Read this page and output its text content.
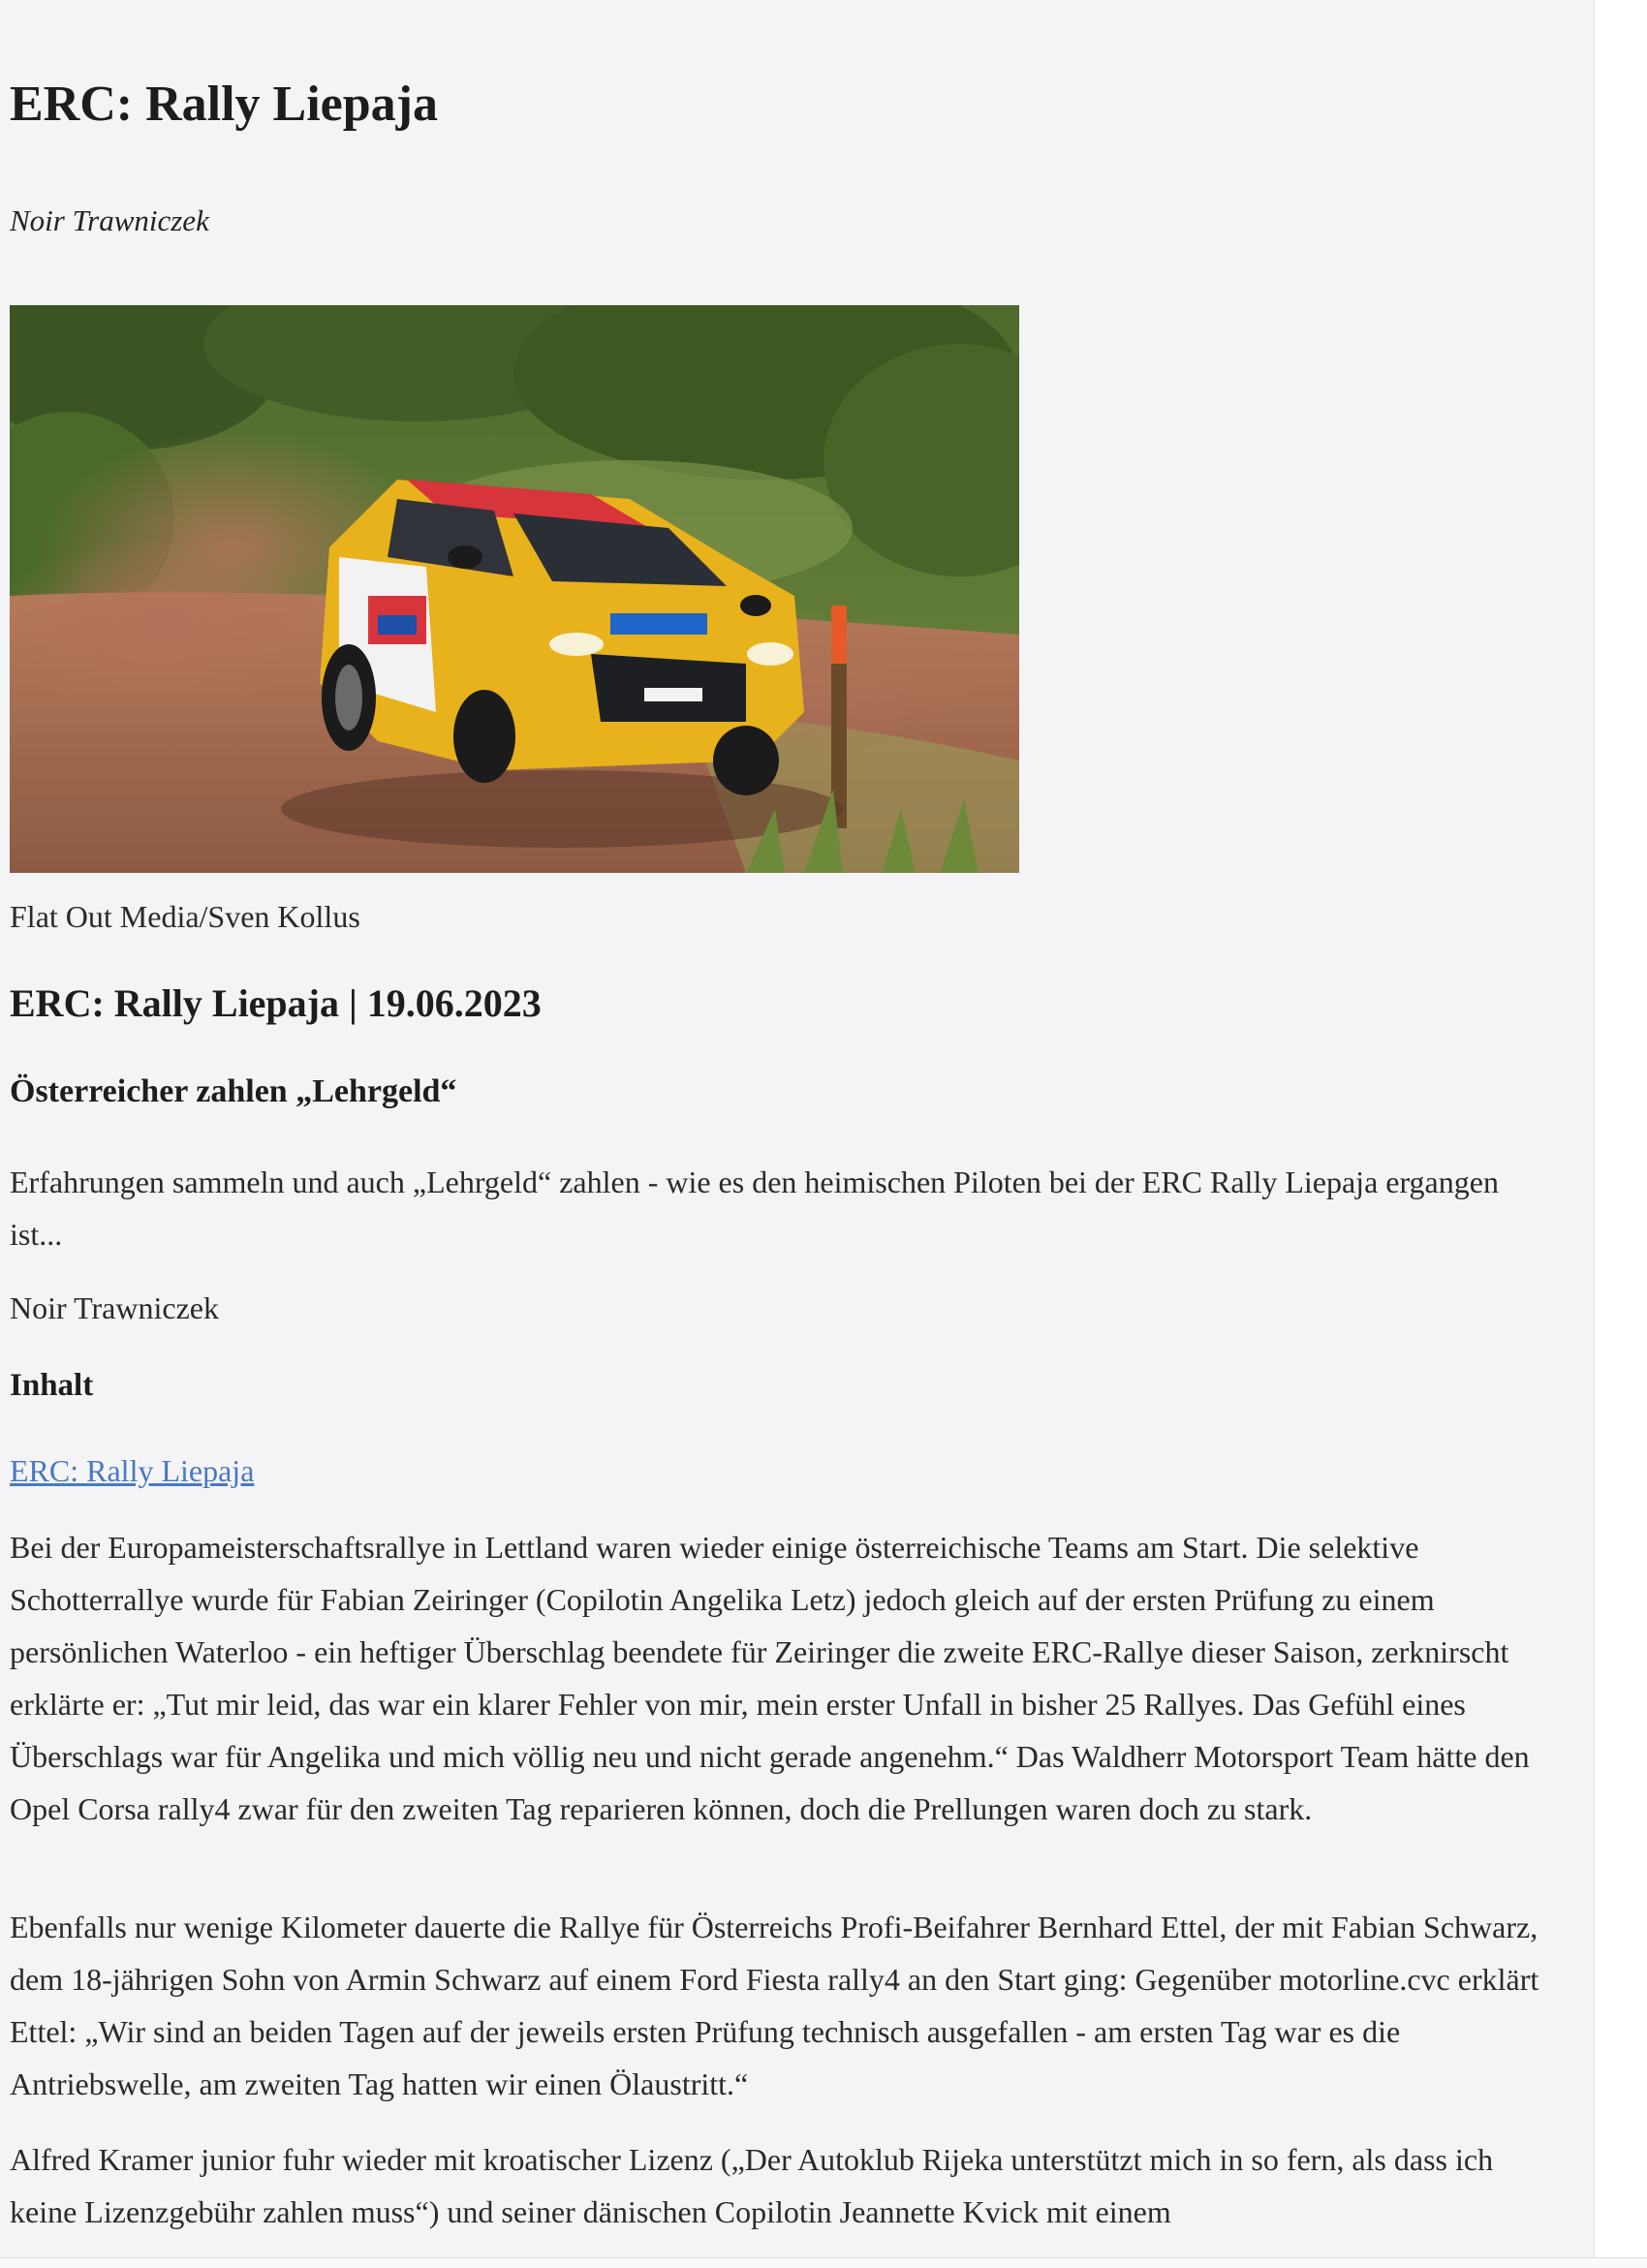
ERC: Rally Liepaja
Noir Trawniczek
Flat Out Media/Sven Kollus
ERC: Rally Liepaja | 19.06.2023
Österreicher zahlen „Lehrgeld“

Erfahrungen sammeln und auch „Lehrgeld“ zahlen - wie es den heimischen Piloten bei der ERC Rally Liepaja ergangen ist...

Noir Trawniczek

Inhalt
ERC: Rally Liepaja

Bei der Europameisterschaftsrallye in Lettland waren wieder einige österreichische Teams am Start. Die selektive Schotterrallye wurde für Fabian Zeiringer (Copilotin Angelika Letz) jedoch gleich auf der ersten Prüfung zu einem persönlichen Waterloo - ein heftiger Überschlag beendete für Zeiringer die zweite ERC-Rallye dieser Saison, zerknirscht erklärte er: „Tut mir leid, das war ein klarer Fehler von mir, mein erster Unfall in bisher 25 Rallyes. Das Gefühl eines Überschlags war für Angelika und mich völlig neu und nicht gerade angenehm.“ Das Waldherr Motorsport Team hätte den Opel Corsa rally4 zwar für den zweiten Tag reparieren können, doch die Prellungen waren doch zu stark.

Ebenfalls nur wenige Kilometer dauerte die Rallye für Österreichs Profi-Beifahrer Bernhard Ettel, der mit Fabian Schwarz, dem 18-jährigen Sohn von Armin Schwarz auf einem Ford Fiesta rally4 an den Start ging: Gegenüber motorline.cvc erklärt Ettel: „Wir sind an beiden Tagen auf der jeweils ersten Prüfung technisch ausgefallen - am ersten Tag war es die Antriebswelle, am zweiten Tag hatten wir einen Ölaustritt.“

Alfred Kramer junior fuhr wieder mit kroatischer Lizenz („Der Autoklub Rijeka unterstützt mich in so fern, als dass ich keine Lizenzgebühr zahlen muss“) und seiner dänischen Copilotin Jeannette Kvick mit einem
